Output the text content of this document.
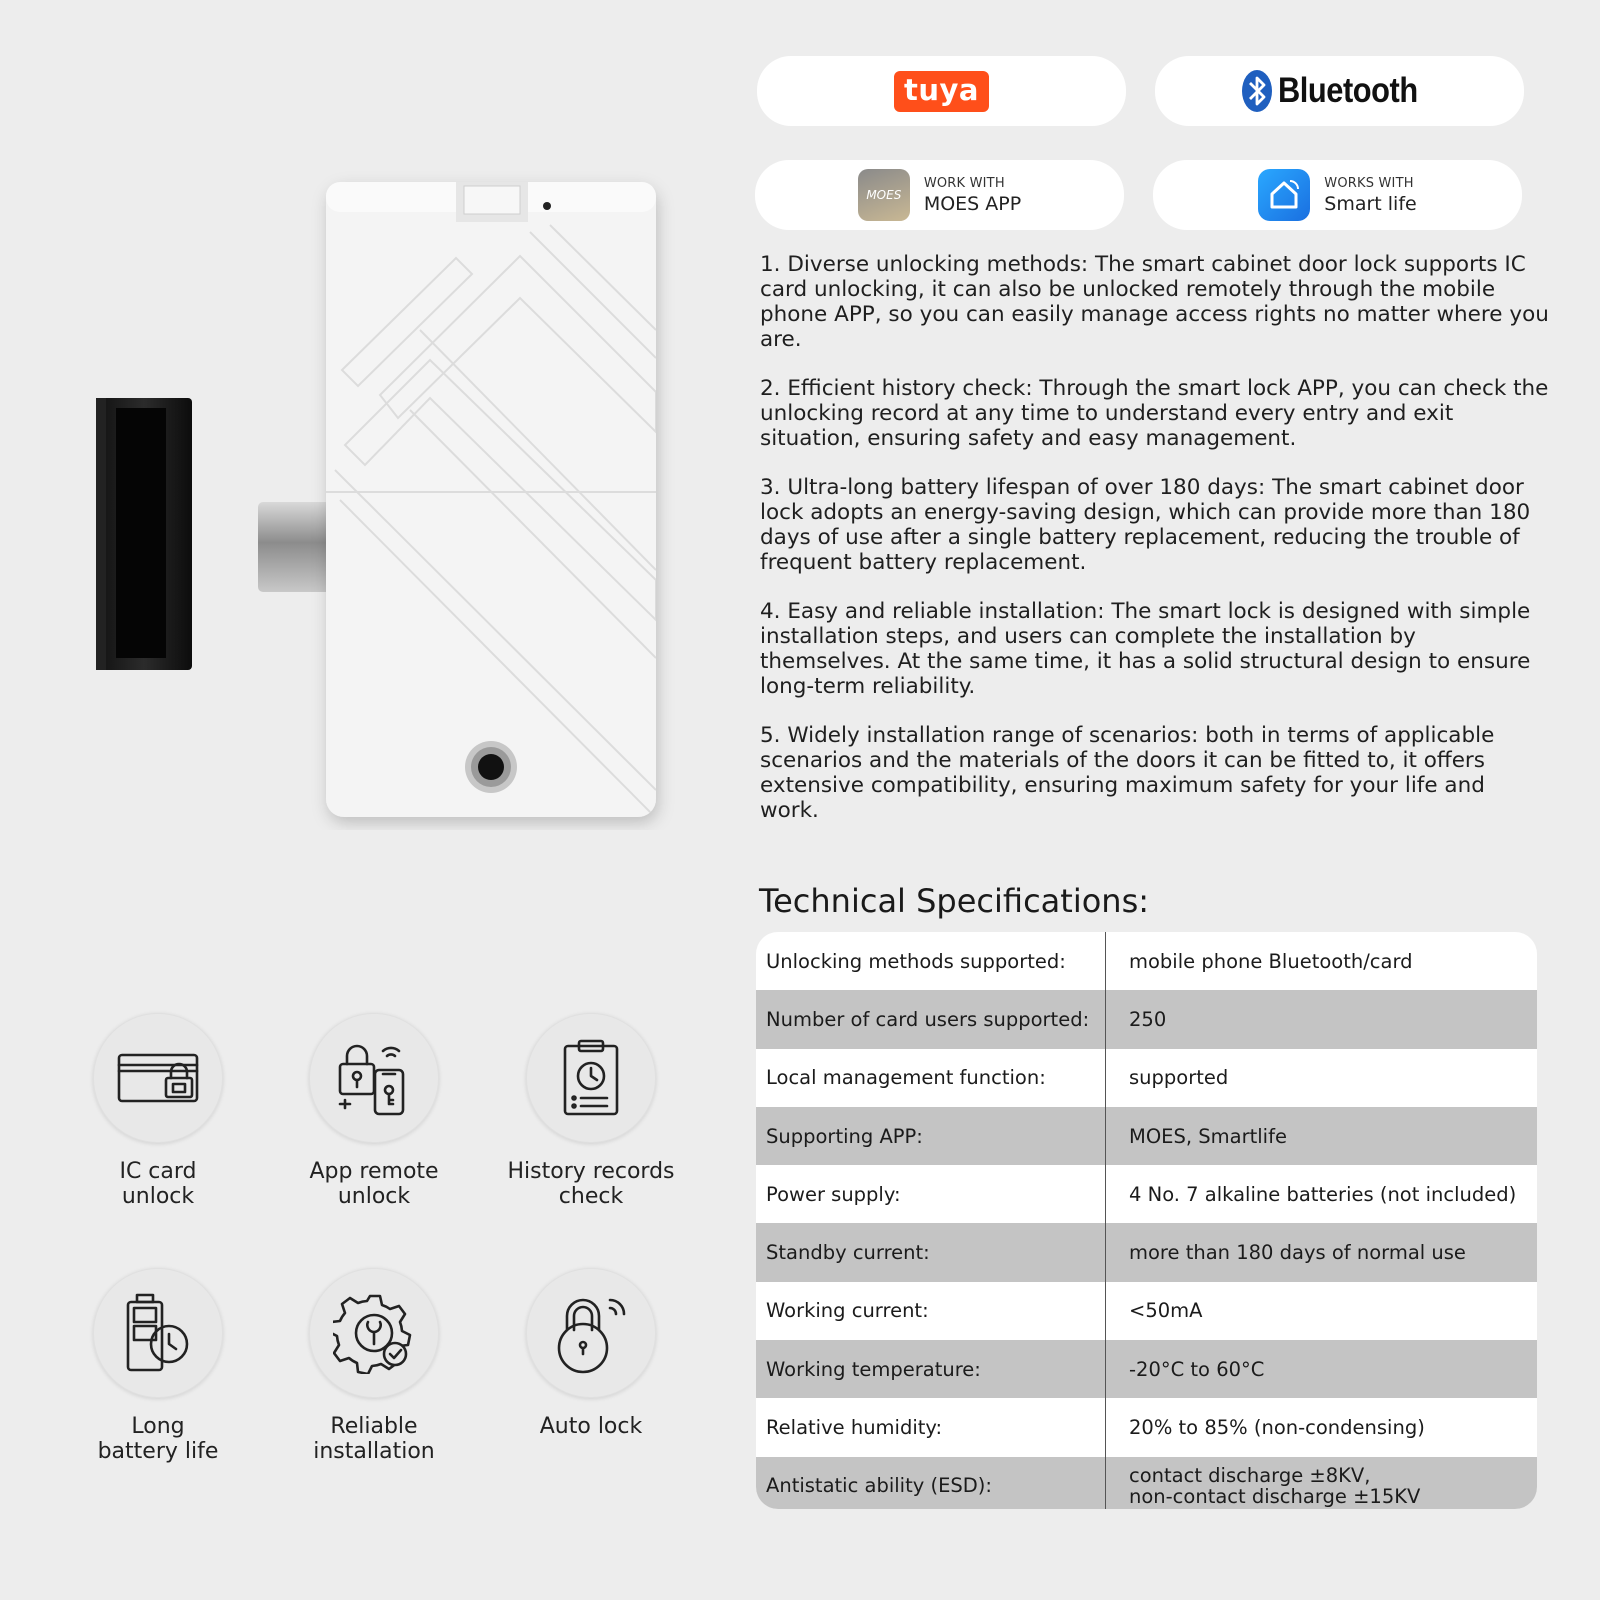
tuya	Bluetooth
MOES
WORK WITH
MOES APP
WORKS WITH
Smart life

1. Diverse unlocking methods: The smart cabinet door lock supports IC card unlocking, it can also be unlocked remotely through the mobile phone APP, so you can easily manage access rights no matter where you are.

2. Efficient history check: Through the smart lock APP, you can check the unlocking record at any time to understand every entry and exit situation, ensuring safety and easy management.

3. Ultra-long battery lifespan of over 180 days: The smart cabinet door lock adopts an energy-saving design, which can provide more than 180 days of use after a single battery replacement, reducing the trouble of frequent battery replacement.

4. Easy and reliable installation: The smart lock is designed with simple installation steps, and users can complete the installation by themselves. At the same time, it has a solid structural design to ensure long-term reliability.

5. Widely installation range of scenarios: both in terms of applicable scenarios and the materials of the doors it can be fitted to, it offers extensive compatibility, ensuring maximum safety for your life and work.

Technical Specifications:
Unlocking methods supported:	mobile phone Bluetooth/card
Number of card users supported:	250
Local management function:	supported
Supporting APP:	MOES, Smartlife
Power supply:	4 No. 7 alkaline batteries (not included)
Standby current:	more than 180 days of normal use
Working current:	<50mA
Working temperature:	-20°C to 60°C
Relative humidity:	20% to 85% (non-condensing)
Antistatic ability (ESD):	contact discharge ±8KV,
non-contact discharge ±15KV
IC card
unlock
App remote
unlock
History records
check
Long
battery life
Reliable
installation
Auto lock
